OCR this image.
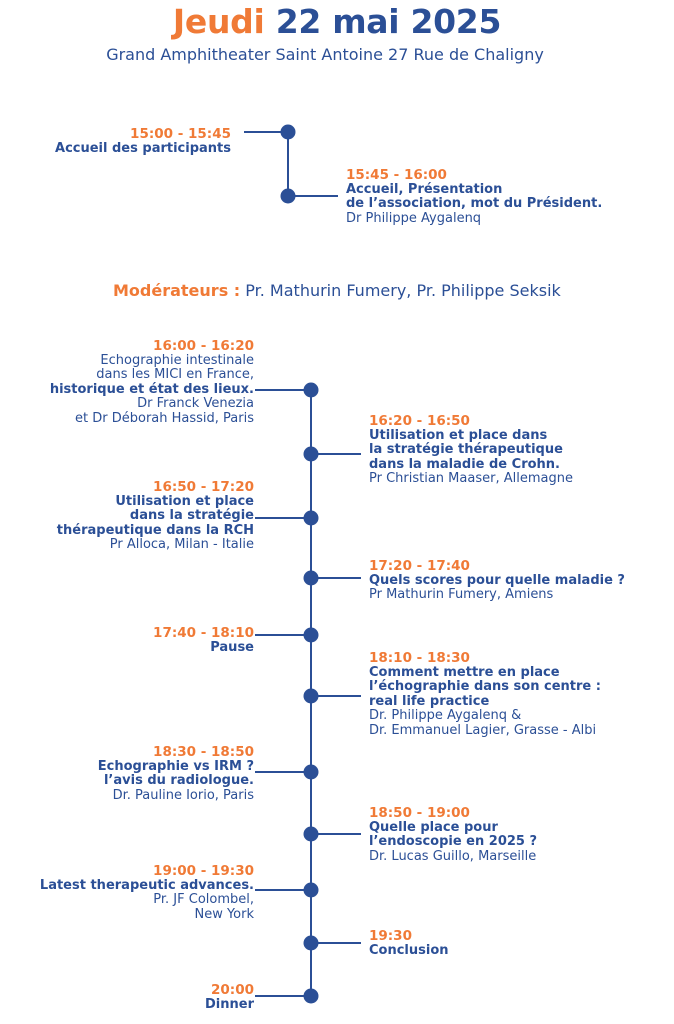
Jeudi 22 mai 2025
Grand Amphitheater Saint Antoine 27 Rue de Chaligny
15:00 - 15:45
Accueil des participants
15:45 - 16:00
Accueil, Présentation
de l’association, mot du Président.
Dr Philippe Aygalenq
Modérateurs : Pr. Mathurin Fumery, Pr. Philippe Seksik
16:00 - 16:20
Echographie intestinale
dans les MICI en France,
historique et état des lieux.
Dr Franck Venezia
et Dr Déborah Hassid, Paris	16:20 - 16:50
Utilisation et place dans
la stratégie thérapeutique
dans la maladie de Crohn.
Pr Christian Maaser, Allemagne
16:50 - 17:20
Utilisation et place
dans la stratégie
thérapeutique dans la RCH
Pr Alloca, Milan - Italie
17:20 - 17:40
Quels scores pour quelle maladie ?
Pr Mathurin Fumery, Amiens
17:40 - 18:10
Pause
18:10 - 18:30
Comment mettre en place
l’échographie dans son centre :
real life practice
Dr. Philippe Aygalenq &
Dr. Emmanuel Lagier, Grasse - Albi
18:30 - 18:50
Echographie vs IRM ?
l’avis du radiologue.
Dr. Pauline Iorio, Paris
18:50 - 19:00
Quelle place pour
l’endoscopie en 2025 ?
Dr. Lucas Guillo, Marseille
19:00 - 19:30
Latest therapeutic advances.
Pr. JF Colombel,
New York
19:30
Conclusion
20:00
Dinner
